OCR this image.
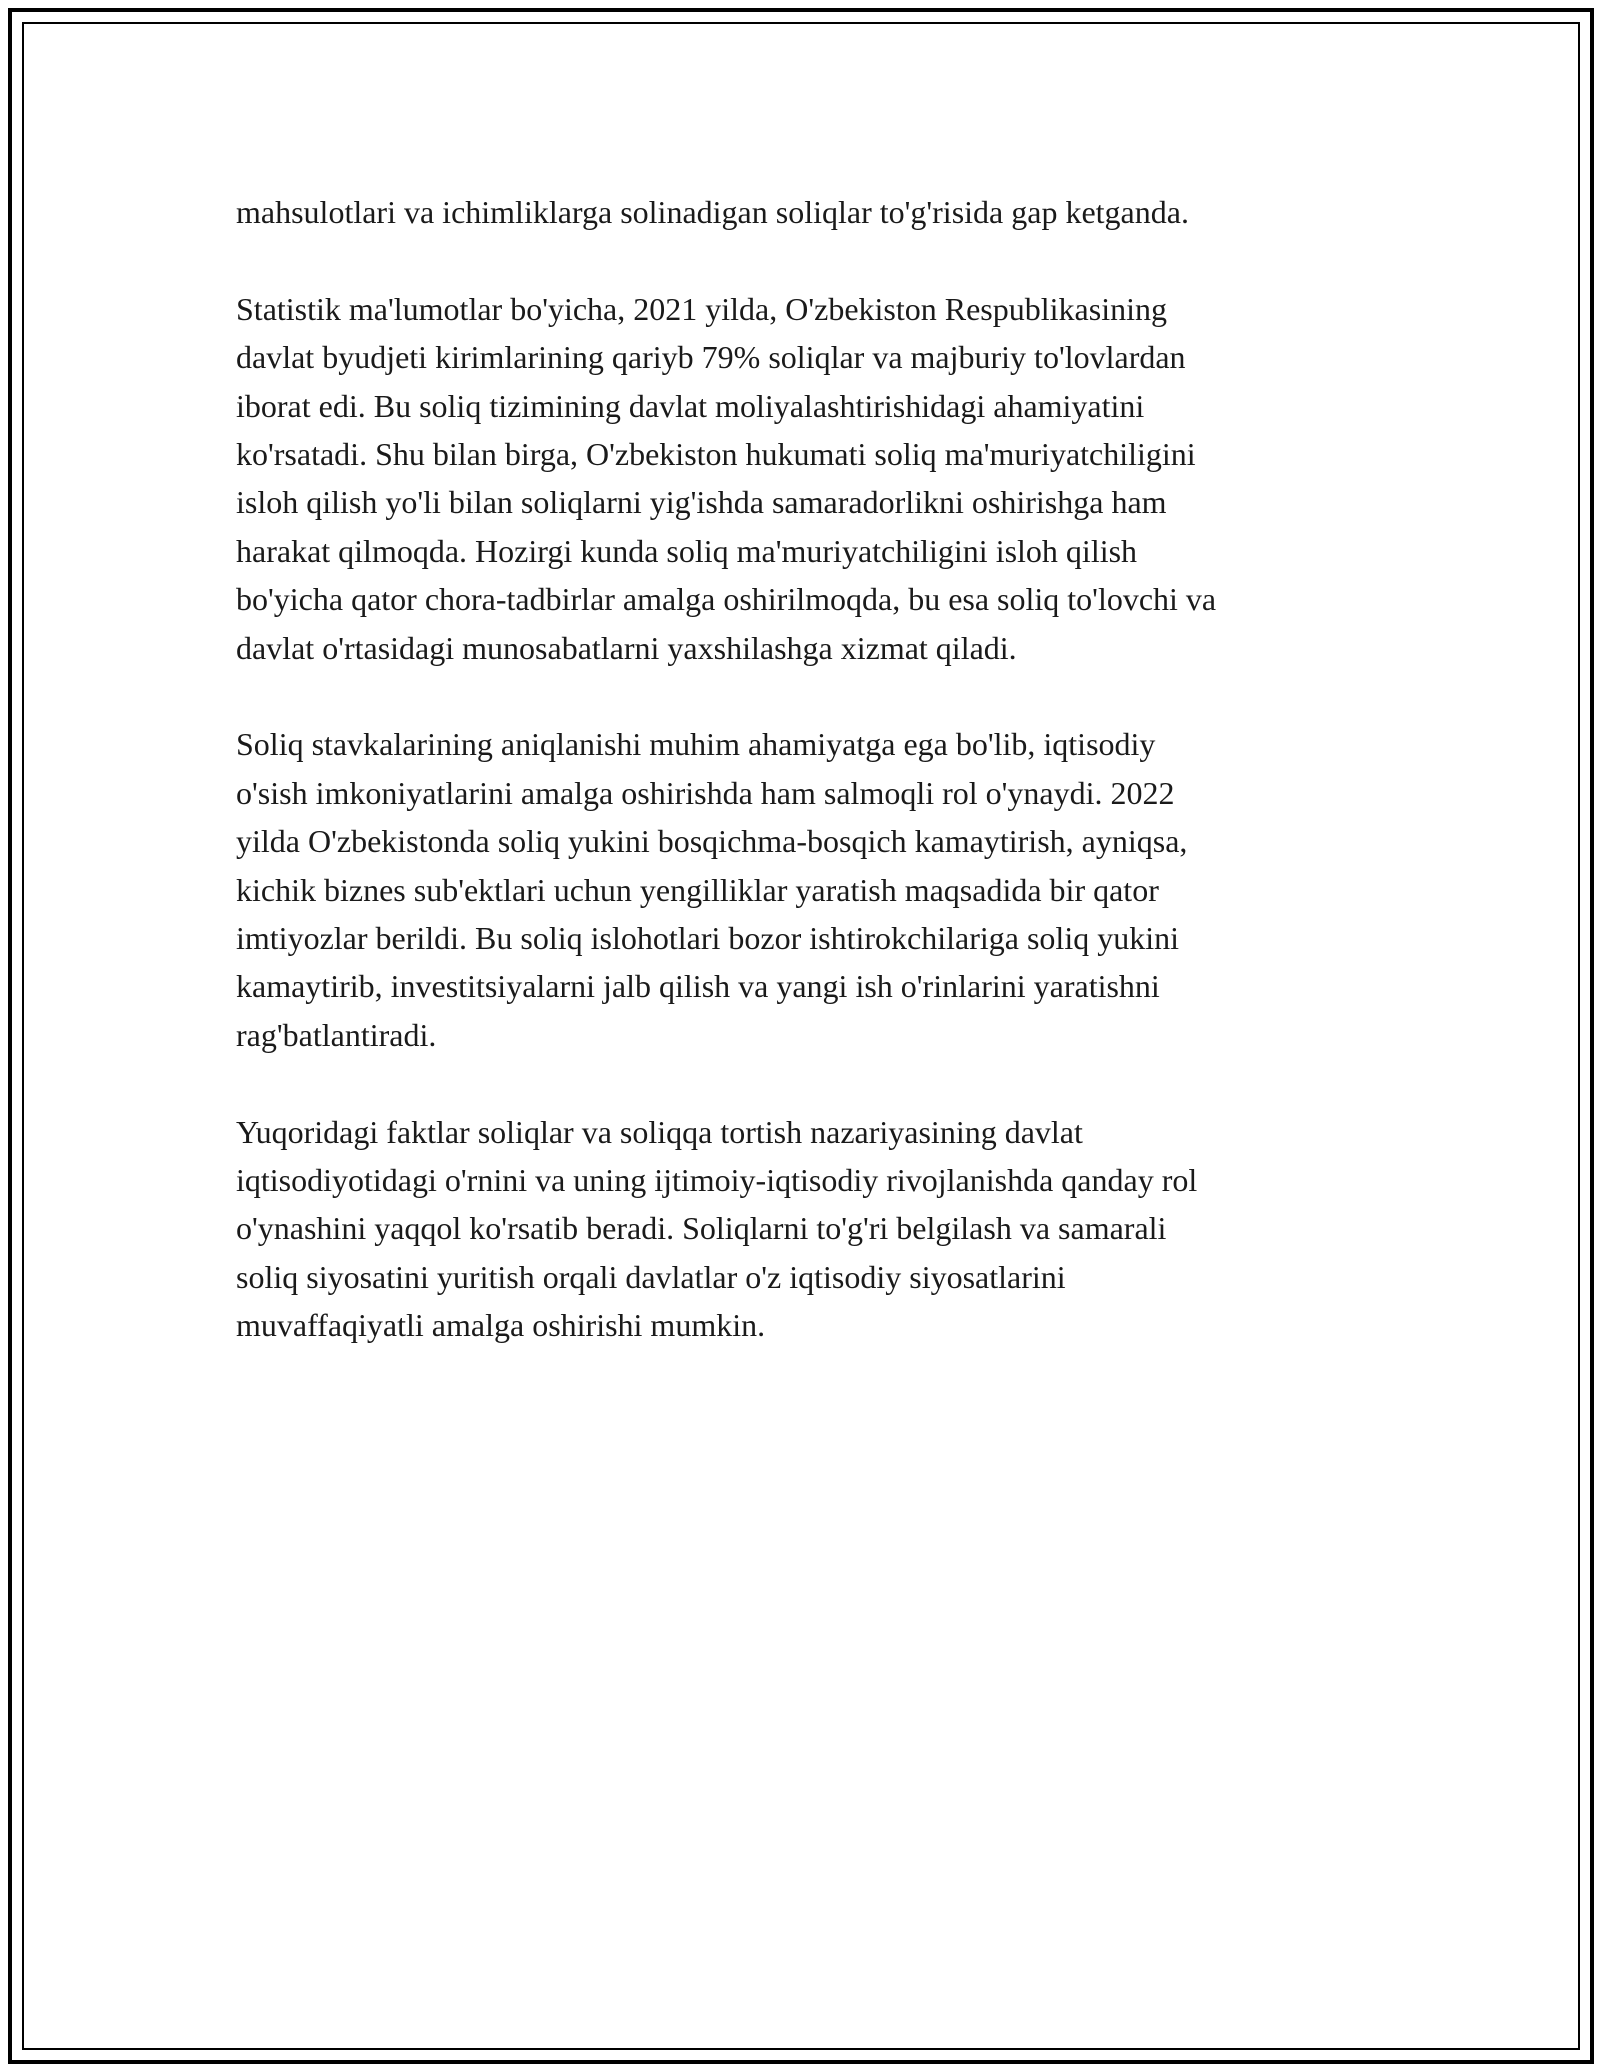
mahsulotlari va ichimliklarga solinadigan soliqlar to'g'risida gap ketganda.

Statistik ma'lumotlar bo'yicha, 2021 yilda, O'zbekiston Respublikasining
davlat byudjeti kirimlarining qariyb 79% soliqlar va majburiy to'lovlardan
iborat edi. Bu soliq tizimining davlat moliyalashtirishidagi ahamiyatini
ko'rsatadi. Shu bilan birga, O'zbekiston hukumati soliq ma'muriyatchiligini
isloh qilish yo'li bilan soliqlarni yig'ishda samaradorlikni oshirishga ham
harakat qilmoqda. Hozirgi kunda soliq ma'muriyatchiligini isloh qilish
bo'yicha qator chora-tadbirlar amalga oshirilmoqda, bu esa soliq to'lovchi va
davlat o'rtasidagi munosabatlarni yaxshilashga xizmat qiladi.

Soliq stavkalarining aniqlanishi muhim ahamiyatga ega bo'lib, iqtisodiy
o'sish imkoniyatlarini amalga oshirishda ham salmoqli rol o'ynaydi. 2022
yilda O'zbekistonda soliq yukini bosqichma-bosqich kamaytirish, ayniqsa,
kichik biznes sub'ektlari uchun yengilliklar yaratish maqsadida bir qator
imtiyozlar berildi. Bu soliq islohotlari bozor ishtirokchilariga soliq yukini
kamaytirib, investitsiyalarni jalb qilish va yangi ish o'rinlarini yaratishni
rag'batlantiradi.

Yuqoridagi faktlar soliqlar va soliqqa tortish nazariyasining davlat
iqtisodiyotidagi o'rnini va uning ijtimoiy-iqtisodiy rivojlanishda qanday rol
o'ynashini yaqqol ko'rsatib beradi. Soliqlarni to'g'ri belgilash va samarali
soliq siyosatini yuritish orqali davlatlar o'z iqtisodiy siyosatlarini
muvaffaqiyatli amalga oshirishi mumkin.
